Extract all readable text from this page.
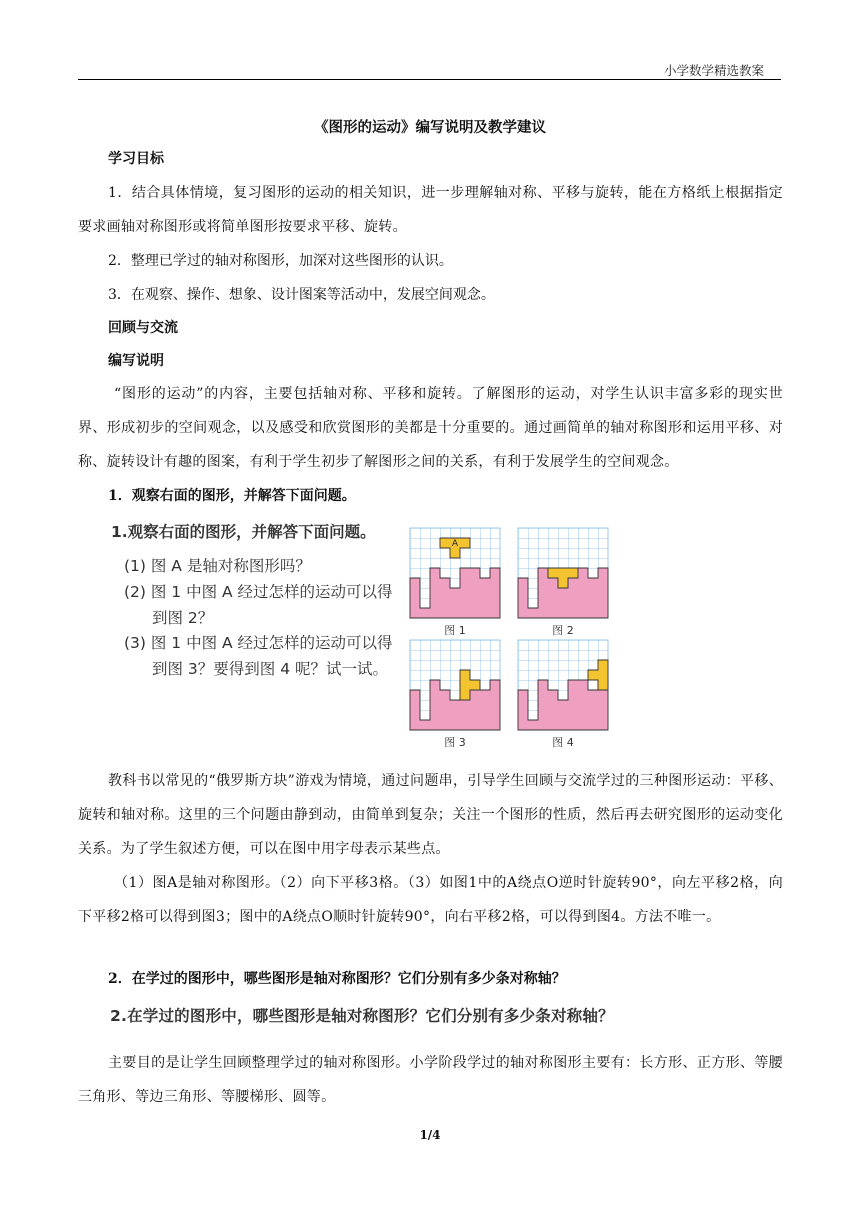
小学数学精选教案
《图形的运动》编写说明及教学建议
学习目标
1．结合具体情境，复习图形的运动的相关知识，进一步理解轴对称、平移与旋转，能在方格纸上根据指定要求画轴对称图形或将简单图形按要求平移、旋转。
2．整理已学过的轴对称图形，加深对这些图形的认识。
3．在观察、操作、想象、设计图案等活动中，发展空间观念。
回顾与交流
编写说明
“图形的运动”的内容，主要包括轴对称、平移和旋转。了解图形的运动，对学生认识丰富多彩的现实世界、形成初步的空间观念，以及感受和欣赏图形的美都是十分重要的。通过画简单的轴对称图形和运用平移、对称、旋转设计有趣的图案，有利于学生初步了解图形之间的关系，有利于发展学生的空间观念。
1．观察右面的图形，并解答下面问题。
1.观察右面的图形，并解答下面问题。
(1) 图 A 是轴对称图形吗？
(2) 图 1 中图 A 经过怎样的运动可以得
到图 2？
(3) 图 1 中图 A 经过怎样的运动可以得
到图 3？要得到图 4 呢？试一试。
A
图 1	图 2
图 3	图 4
教科书以常见的“俄罗斯方块”游戏为情境，通过问题串，引导学生回顾与交流学过的三种图形运动：平移、旋转和轴对称。这里的三个问题由静到动，由简单到复杂；关注一个图形的性质，然后再去研究图形的运动变化关系。为了学生叙述方便，可以在图中用字母表示某些点。
（1）图A是轴对称图形。（2）向下平移3格。（3）如图1中的A绕点O逆时针旋转90°，向左平移2格，向下平移2格可以得到图3；图中的A绕点O顺时针旋转90°，向右平移2格，可以得到图4。方法不唯一。
2．在学过的图形中，哪些图形是轴对称图形？它们分别有多少条对称轴？
2.在学过的图形中，哪些图形是轴对称图形？它们分别有多少条对称轴？
主要目的是让学生回顾整理学过的轴对称图形。小学阶段学过的轴对称图形主要有：长方形、正方形、等腰三角形、等边三角形、等腰梯形、圆等。
1/4
